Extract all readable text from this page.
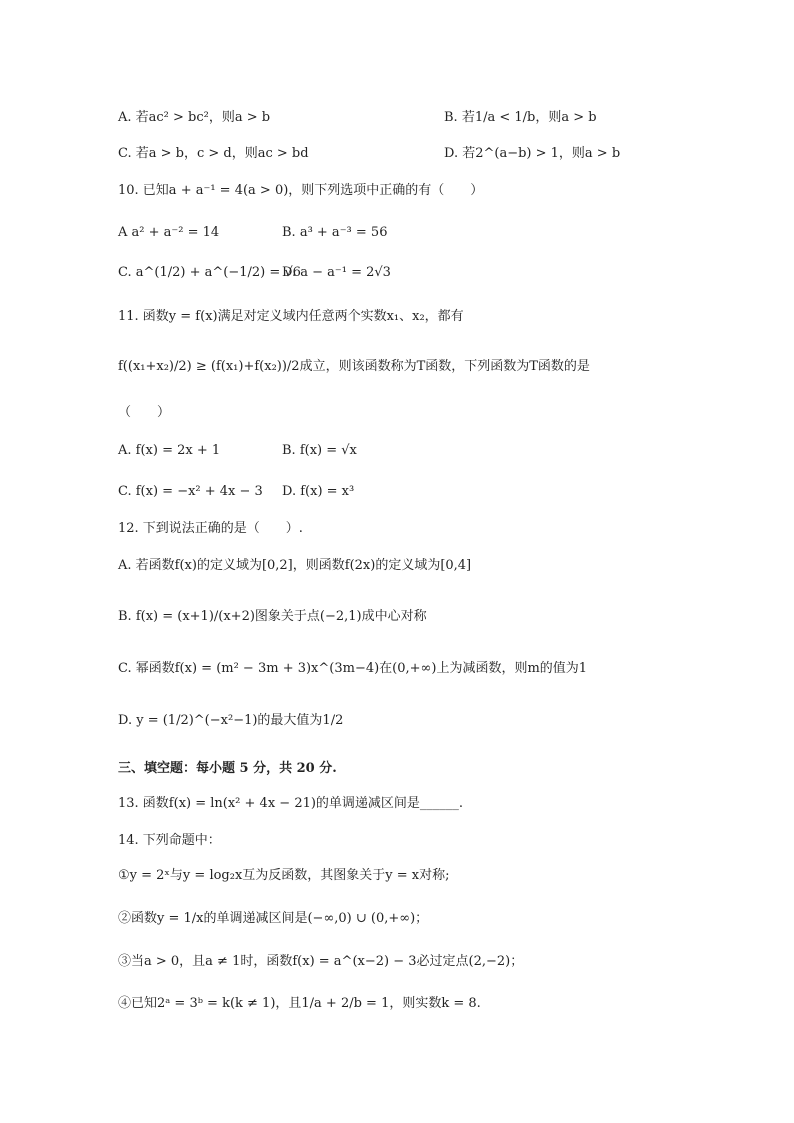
A. 若ac² > bc²，则a > b	B. 若1/a < 1/b，则a > b
C. 若a > b，c > d，则ac > bd	D. 若2^(a−b) > 1，则a > b
10. 已知a + a⁻¹ = 4(a > 0)，则下列选项中正确的有（　　）
A a² + a⁻² = 14	B. a³ + a⁻³ = 56
C. a^(1/2) + a^(−1/2) = √6
D. a − a⁻¹ = 2√3
11. 函数y = f(x)满足对定义域内任意两个实数x₁、x₂，都有
f((x₁+x₂)/2) ≥ (f(x₁)+f(x₂))/2成立，则该函数称为T函数，下列函数为T函数的是
（　　）
A. f(x) = 2x + 1	B. f(x) = √x
C. f(x) = −x² + 4x − 3 D. f(x) = x³
12. 下到说法正确的是（　　）.
A. 若函数f(x)的定义域为[0,2]，则函数f(2x)的定义域为[0,4]
B. f(x) = (x+1)/(x+2)图象关于点(−2,1)成中心对称
C. 幂函数f(x) = (m² − 3m + 3)x^(3m−4)在(0,+∞)上为减函数，则m的值为1
D. y = (1/2)^(−x²−1)的最大值为1/2
三、填空题：每小题 5 分，共 20 分.
13. 函数f(x) = ln(x² + 4x − 21)的单调递减区间是______.
14. 下列命题中：
①y = 2ˣ与y = log₂x互为反函数，其图象关于y = x对称;
②函数y = 1/x的单调递减区间是(−∞,0) ∪ (0,+∞)；
③当a > 0，且a ≠ 1时，函数f(x) = a^(x−2) − 3必过定点(2,−2)；
④已知2ᵃ = 3ᵇ = k(k ≠ 1)，且1/a + 2/b = 1，则实数k = 8.
